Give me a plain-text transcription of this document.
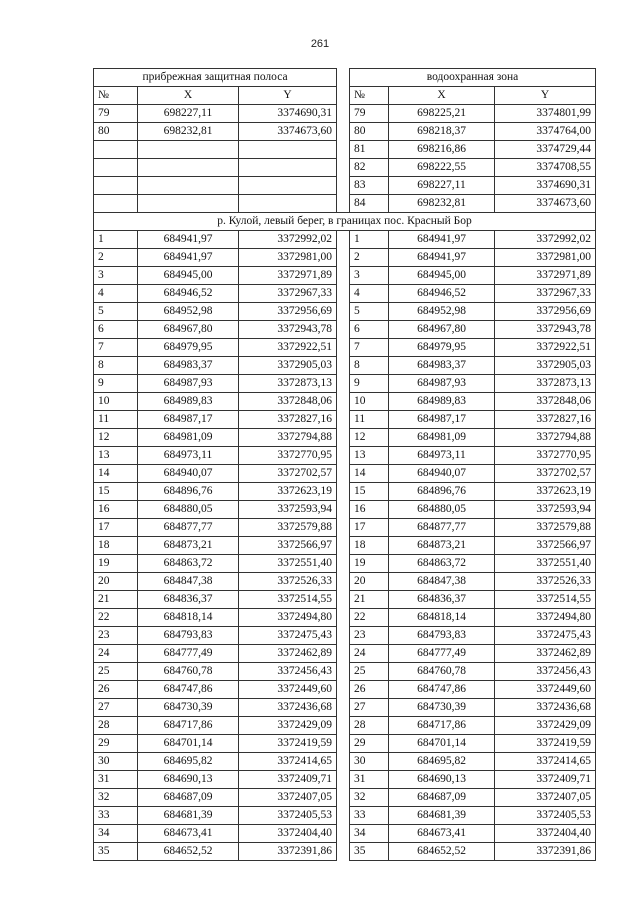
261
прибрежная защитная полоса				водоохранная зона		
№	X	Y		№	X	Y
79	698227,11	3374690,31		79	698225,21	3374801,99
80	698232,81	3374673,60		80	698218,37	3374764,00
				81	698216,86	3374729,44
				82	698222,55	3374708,55
				83	698227,11	3374690,31
				84	698232,81	3374673,60
р. Кулой, левый берег, в границах пос. Красный Бор						
1	684941,97	3372992,02		1	684941,97	3372992,02
2	684941,97	3372981,00		2	684941,97	3372981,00
3	684945,00	3372971,89		3	684945,00	3372971,89
4	684946,52	3372967,33		4	684946,52	3372967,33
5	684952,98	3372956,69		5	684952,98	3372956,69
6	684967,80	3372943,78		6	684967,80	3372943,78
7	684979,95	3372922,51		7	684979,95	3372922,51
8	684983,37	3372905,03		8	684983,37	3372905,03
9	684987,93	3372873,13		9	684987,93	3372873,13
10	684989,83	3372848,06		10	684989,83	3372848,06
11	684987,17	3372827,16		11	684987,17	3372827,16
12	684981,09	3372794,88		12	684981,09	3372794,88
13	684973,11	3372770,95		13	684973,11	3372770,95
14	684940,07	3372702,57		14	684940,07	3372702,57
15	684896,76	3372623,19		15	684896,76	3372623,19
16	684880,05	3372593,94		16	684880,05	3372593,94
17	684877,77	3372579,88		17	684877,77	3372579,88
18	684873,21	3372566,97		18	684873,21	3372566,97
19	684863,72	3372551,40		19	684863,72	3372551,40
20	684847,38	3372526,33		20	684847,38	3372526,33
21	684836,37	3372514,55		21	684836,37	3372514,55
22	684818,14	3372494,80		22	684818,14	3372494,80
23	684793,83	3372475,43		23	684793,83	3372475,43
24	684777,49	3372462,89		24	684777,49	3372462,89
25	684760,78	3372456,43		25	684760,78	3372456,43
26	684747,86	3372449,60		26	684747,86	3372449,60
27	684730,39	3372436,68		27	684730,39	3372436,68
28	684717,86	3372429,09		28	684717,86	3372429,09
29	684701,14	3372419,59		29	684701,14	3372419,59
30	684695,82	3372414,65		30	684695,82	3372414,65
31	684690,13	3372409,71		31	684690,13	3372409,71
32	684687,09	3372407,05		32	684687,09	3372407,05
33	684681,39	3372405,53		33	684681,39	3372405,53
34	684673,41	3372404,40		34	684673,41	3372404,40
35	684652,52	3372391,86		35	684652,52	3372391,86
